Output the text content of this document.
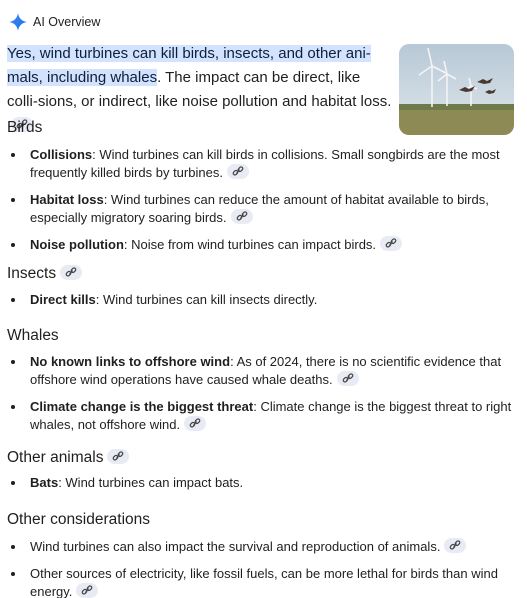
AI Overview
Yes, wind turbines can kill birds, insects, and other ani-mals, including whales. The impact can be direct, like colli-sions, or indirect, like noise pollution and habitat loss.
Birds
Collisions: Wind turbines can kill birds in collisions. Small songbirds are the most frequently killed birds by turbines.
Habitat loss: Wind turbines can reduce the amount of habitat available to birds, especially migratory soaring birds.
Noise pollution: Noise from wind turbines can impact birds.
Insects
Direct kills: Wind turbines can kill insects directly.
Whales
No known links to offshore wind: As of 2024, there is no scientific evidence that offshore wind operations have caused whale deaths.
Climate change is the biggest threat: Climate change is the biggest threat to right whales, not offshore wind.
Other animals
Bats: Wind turbines can impact bats.
Other considerations
Wind turbines can also impact the survival and reproduction of animals.
Other sources of electricity, like fossil fuels, can be more lethal for birds than wind energy.
